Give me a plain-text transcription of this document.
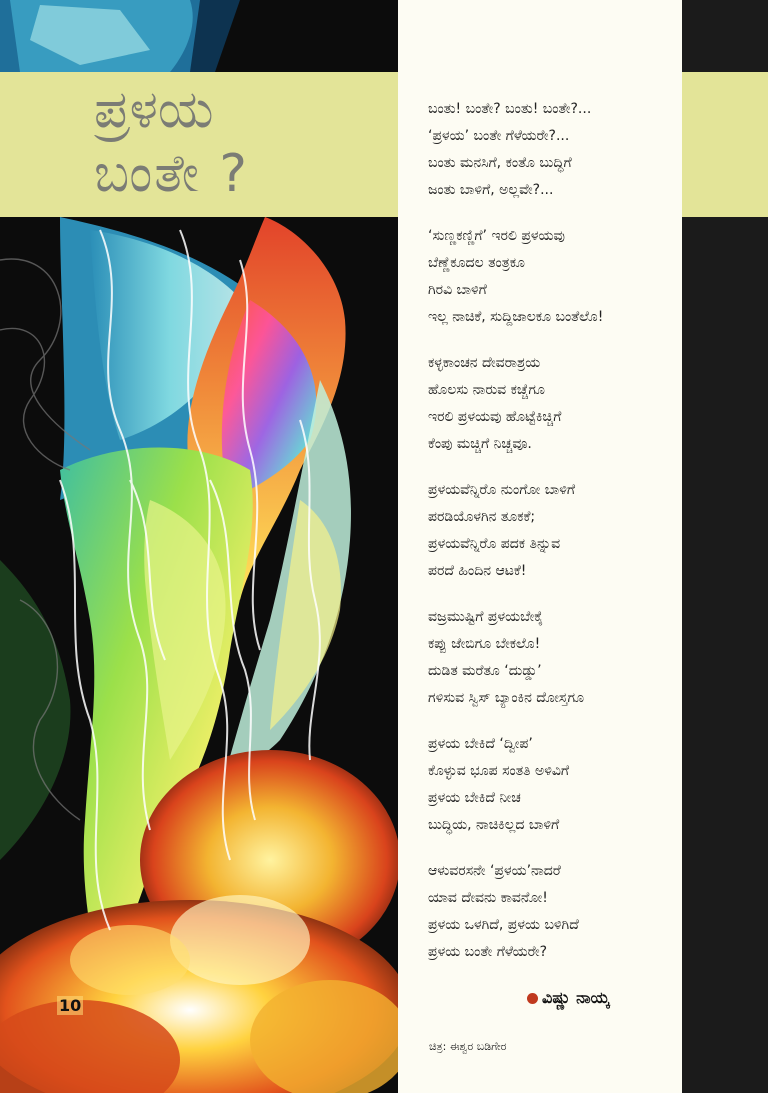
ಪ್ರಳಯ
ಬಂತೇ ?
ಬಂತು! ಬಂತೇ? ಬಂತು! ಬಂತೇ?...
‘ಪ್ರಳಯ’ ಬಂತೇ ಗೆಳೆಯರೇ?...
ಬಂತು ಮನಸಿಗೆ, ಕಂತೊ ಬುದ್ಧಿಗೆ
ಜಂತು ಬಾಳಿಗೆ, ಅಲ್ಲವೇ?...
‘ಸುಣ್ಣಕಣ್ಣಿಗೆ’ ಇರಲಿ ಪ್ರಳಯವು
ಬೆಣ್ಣೆಕೂದಲ ತಂತ್ರಕೂ
ಗಿರವಿ ಬಾಳಿಗೆ
ಇಲ್ಲ ನಾಚಿಕೆ, ಸುದ್ದಿಜಾಲಕೂ ಬಂತೆಲೊ!
ಕಳ್ಳಕಾಂಚನ ದೇವರಾಶ್ರಯ
ಹೊಲಸು ನಾರುವ ಕಚ್ಚೆಗೂ
ಇರಲಿ ಪ್ರಳಯವು ಹೊಟ್ಟೆಕಿಚ್ಚಿಗೆ
ಕೆಂಪು ಮಚ್ಚಿಗೆ ನಿಚ್ಚವೂ.
ಪ್ರಳಯವೆನ್ನಿರೊ ನುಂಗೋ ಬಾಳಿಗೆ
ಪರಡಿಯೊಳಗಿನ ತೂಕಕೆ;
ಪ್ರಳಯವೆನ್ನಿರೊ ಪದಕ ತಿನ್ನುವ
ಪರದೆ ಹಿಂದಿನ ಆಟಕೆ!
ವಜ್ರಮುಷ್ಟಿಗೆ ಪ್ರಳಯಬೇಕೈ
ಕಪ್ಪು ಜೇಬಿಗೂ ಬೇಕಲೊ!
ದುಡಿತ ಮರೆತೂ ‘ದುಡ್ಡು’
ಗಳಿಸುವ ಸ್ವಿಸ್ ಬ್ಯಾಂಕಿನ ದೋಸ್ತಗೂ
ಪ್ರಳಯ ಬೇಕಿದೆ ‘ದ್ವೀಪ’
ಕೊಳ್ಳುವ ಭೂಪ ಸಂತತಿ ಅಳಿವಿಗೆ
ಪ್ರಳಯ ಬೇಕಿದೆ ನೀಚ
ಬುದ್ಧಿಯ, ನಾಚಿಕಿಲ್ಲದ ಬಾಳಿಗೆ
ಆಳುವರಸನೇ ‘ಪ್ರಳಯ’ನಾದರೆ
ಯಾವ ದೇವನು ಕಾವನೋ!
ಪ್ರಳಯ ಒಳಗಿದೆ, ಪ್ರಳಯ ಬಳಿಗಿದೆ
ಪ್ರಳಯ ಬಂತೇ ಗೆಳೆಯರೇ?
ವಿಷ್ಣು ನಾಯ್ಕ
ಚಿತ್ರ: ಈಶ್ವರ ಬಡಿಗೇರ
10
